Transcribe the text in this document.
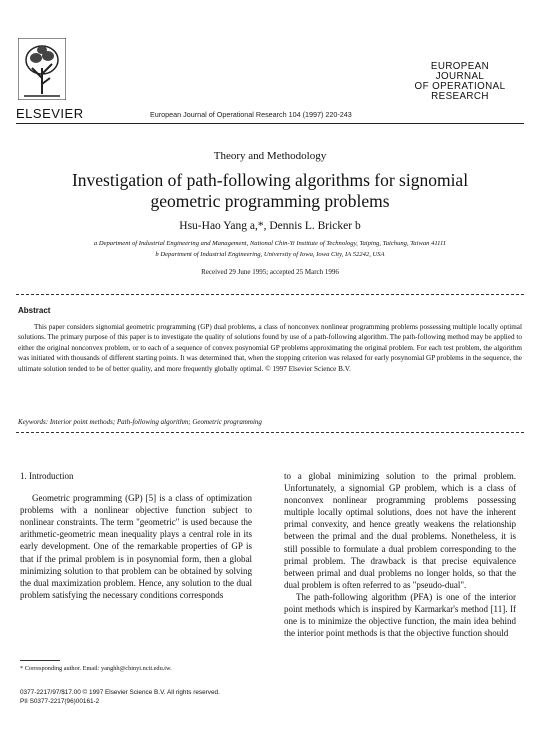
ELSEVIER	European Journal of Operational Research 104 (1997) 220-243
EUROPEAN
JOURNAL
OF OPERATIONAL
RESEARCH
Theory and Methodology
Investigation of path-following algorithms for signomial geometric programming problems
Hsu-Hao Yang a,*, Dennis L. Bricker b
a Department of Industrial Engineering and Management, National Chin-Yi Institute of Technology, Taiping, Taichung, Taiwan 41111
b Department of Industrial Engineering, University of Iowa, Iowa City, IA 52242, USA
Received 29 June 1995; accepted 25 March 1996
Abstract
This paper considers signomial geometric programming (GP) dual problems, a class of nonconvex nonlinear programming problems possessing multiple locally optimal solutions. The primary purpose of this paper is to investigate the quality of solutions found by use of a path-following algorithm. The path-following method may be applied to either the original nonconvex problem, or to each of a sequence of convex posynomial GP problems approximating the original problem. For each test problem, the algorithm was initiated with thousands of different starting points. It was determined that, when the stopping criterion was relaxed for early posynomial GP problems in the sequence, the ultimate solution tended to be of better quality, and more frequently globally optimal. © 1997 Elsevier Science B.V.
Keywords: Interior point methods; Path-following algorithm; Geometric programming
1. Introduction

Geometric programming (GP) [5] is a class of optimization problems with a nonlinear objective function subject to nonlinear constraints. The term "geometric" is used because the arithmetic-geometric mean inequality plays a central role in its early development. One of the remarkable properties of GP is that if the primal problem is in posynomial form, then a global minimizing solution to that problem can be obtained by solving the dual maximization problem. Hence, any solution to the dual problem satisfying the necessary conditions corresponds

to a global minimizing solution to the primal problem. Unfortunately, a signomial GP problem, which is a class of nonconvex nonlinear programming problems possessing multiple locally optimal solutions, does not have the inherent primal convexity, and hence greatly weakens the relationship between the primal and the dual problems. Nonetheless, it is still possible to formulate a dual problem corresponding to the primal problem. The drawback is that precise equivalence between primal and dual problems no longer holds, so that the dual problem is often referred to as "pseudo-dual".

The path-following algorithm (PFA) is one of the interior point methods which is inspired by Karmarkar's method [11]. If one is to minimize the objective function, the main idea behind the interior point methods is that the objective function should

* Corresponding author. Email: yanghh@chinyi.ncit.edu.tw.
0377-2217/97/$17.00 © 1997 Elsevier Science B.V. All rights reserved.
PII S0377-2217(96)00161-2
